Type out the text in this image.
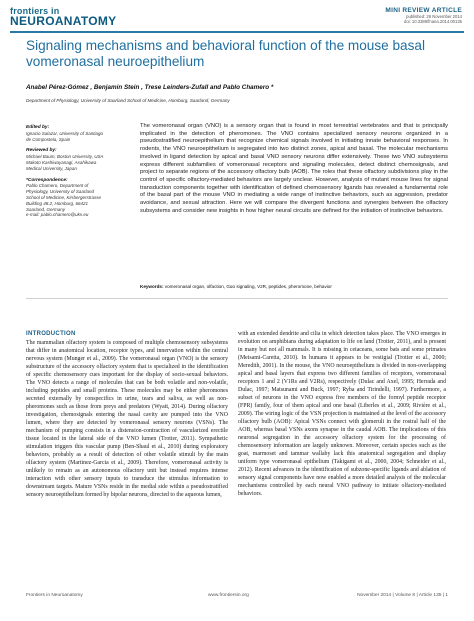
frontiers in
NEUROANATOMY
MINI REVIEW ARTICLE
published: 26 November 2014
doi: 10.3389/fnana.2014.00135
Signaling mechanisms and behavioral function of the mouse basal vomeronasal neuroepithelium
Anabel Pérez-Gómez , Benjamin Stein , Trese Leinders-Zufall and Pablo Chamero *
Department of Physiology, University of Saarland School of Medicine, Homburg, Saarland, Germany
Edited by:
Ignacio Salazar, University of Santiago de Compostela, Spain
Reviewed by:
Michael Baum, Boston University, USA
Makoto Kashiwayanagi, Asahikawa Medical University, Japan
*Correspondence:
Pablo Chamero, Department of Physiology, University of Saarland School of Medicine, Kirrbergerstrasse Building 48.2, Homburg, 66421 Saarland, Germany
e-mail: pablo.chamero@uks.eu
The vomeronasal organ (VNO) is a sensory organ that is found in most terrestrial vertebrates and that is principally implicated in the detection of pheromones. The VNO contains specialized sensory neurons organized in a pseudostratified neuroepithelium that recognize chemical signals involved in initiating innate behavioral responses. In rodents, the VNO neuroepithelium is segregated into two distinct zones, apical and basal. The molecular mechanisms involved in ligand detection by apical and basal VNO sensory neurons differ extensively. These two VNO subsystems express different subfamilies of vomeronasal receptors and signaling molecules, detect distinct chemosignals, and project to separate regions of the accessory olfactory bulb (AOB). The roles that these olfactory subdivisions play in the control of specific olfactory-mediated behaviors are largely unclear. However, analysis of mutant mouse lines for signal transduction components together with identification of defined chemosensory ligands has revealed a fundamental role of the basal part of the mouse VNO in mediating a wide range of instinctive behaviors, such as aggression, predator avoidance, and sexual attraction. Here we will compare the divergent functions and synergies between the olfactory subsystems and consider new insights in how higher neural circuits are defined for the initiation of instinctive behaviors.
Keywords: vomeronasal organ, olfaction, Gαo signaling, V2R, peptides, pheromone, behavior
INTRODUCTION

The mammalian olfactory system is composed of multiple chemosensory subsystems that differ in anatomical location, receptor types, and innervation within the central nervous system (Munger et al., 2009). The vomeronasal organ (VNO) is the sensory substructure of the accessory olfactory system that is specialized in the identification of specific chemosensory cues important for the display of socio-sexual behaviors. The VNO detects a range of molecules that can be both volatile and non-volatile, including peptides and small proteins. These molecules may be either pheromones secreted externally by conspecifics in urine, tears and saliva, as well as non-pheromones such as those from preys and predators (Wyatt, 2014). During olfactory investigation, chemosignals entering the nasal cavity are pumped into the VNO lumen, where they are detected by vomeronasal sensory neurons (VSNs). The mechanism of pumping consists in a distension-contraction of vascularized erectile tissue located in the lateral side of the VNO lumen (Trotier, 2011). Sympathetic stimulation triggers this vascular pump (Ben-Shaul et al., 2010) during exploratory behaviors, probably as a result of detection of other volatile stimuli by the main olfactory system (Martinez-Garcia et al., 2009). Therefore, vomeronasal activity is unlikely to remain as an autonomous olfactory unit but instead requires intense interaction with other sensory inputs to transduce the stimulus information to downstream targets. Mature VSNs reside in the medial side within a pseudostratified sensory neuroepithelium formed by bipolar neurons, directed to the aqueous lumen,

with an extended dendrite and cilia in which detection takes place. The VNO emerges in evolution on amphibians during adaptation to life on land (Trotier, 2011), and is present in many but not all mammals. It is missing in cetaceans, some bats and some primates (Meisami-Caretta, 2010). In humans it appears to be vestigial (Trotier et al., 2000; Meredith, 2001). In the mouse, the VNO neuroepithelium is divided in non-overlapping apical and basal layers that express two different families of receptors, vomeronasal receptors 1 and 2 (V1Rs and V2Rs), respectively (Dulac and Axel, 1995; Herrada and Dulac, 1997; Matsunami and Buck, 1997; Ryba and Tirindelli, 1997). Furthermore, a subset of neurons in the VNO express five members of the formyl peptide receptor (FPR) family, four of them apical and one basal (Liberles et al., 2009; Rivière et al., 2009). The wiring logic of the VSN projection is maintained at the level of the accessory olfactory bulb (AOB): Apical VSNs connect with glomeruli in the rostral half of the AOB, whereas basal VSNs axons synapse in the caudal AOB. The implications of this neuronal segregation in the accessory olfactory system for the processing of chemosensory information are largely unknown. Moreover, certain species such as the goat, marmoset and tammar wallaby lack this anatomical segregation and display uniform type vomeronasal epithelium (Takigami et al., 2000, 2004; Schneider et al., 2012). Recent advances in the identification of subzone-specific ligands and ablation of sensory signal components have now enabled a more detailed analysis of the molecular mechanisms controlled by each neural VNO pathway to initiate olfactory-mediated behaviors.

Frontiers in Neuroanatomy	www.frontiersin.org	November 2014 | Volume 8 | Article 135 | 1
